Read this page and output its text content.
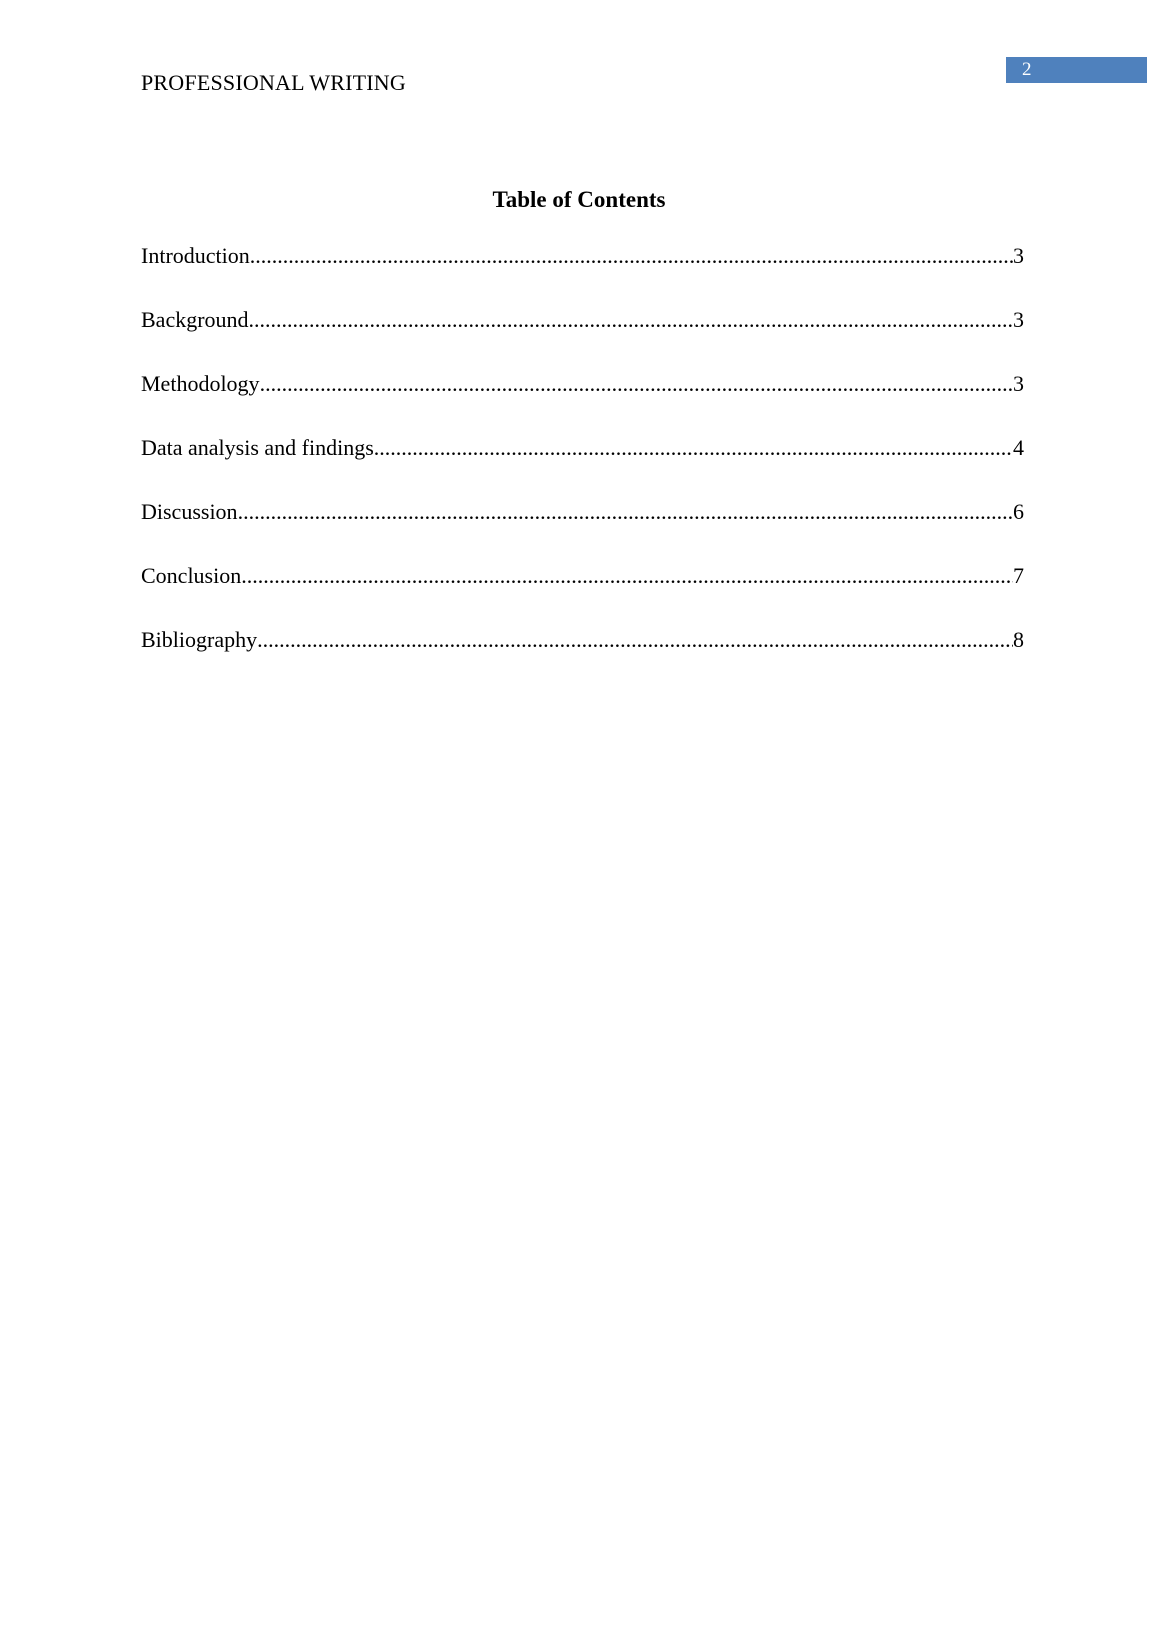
PROFESSIONAL WRITING
2
Table of Contents
Introduction .....	3
Background .....	3
Methodology .....	3
Data analysis and findings .....	4
Discussion .....	6
Conclusion .....	7
Bibliography .....	8
